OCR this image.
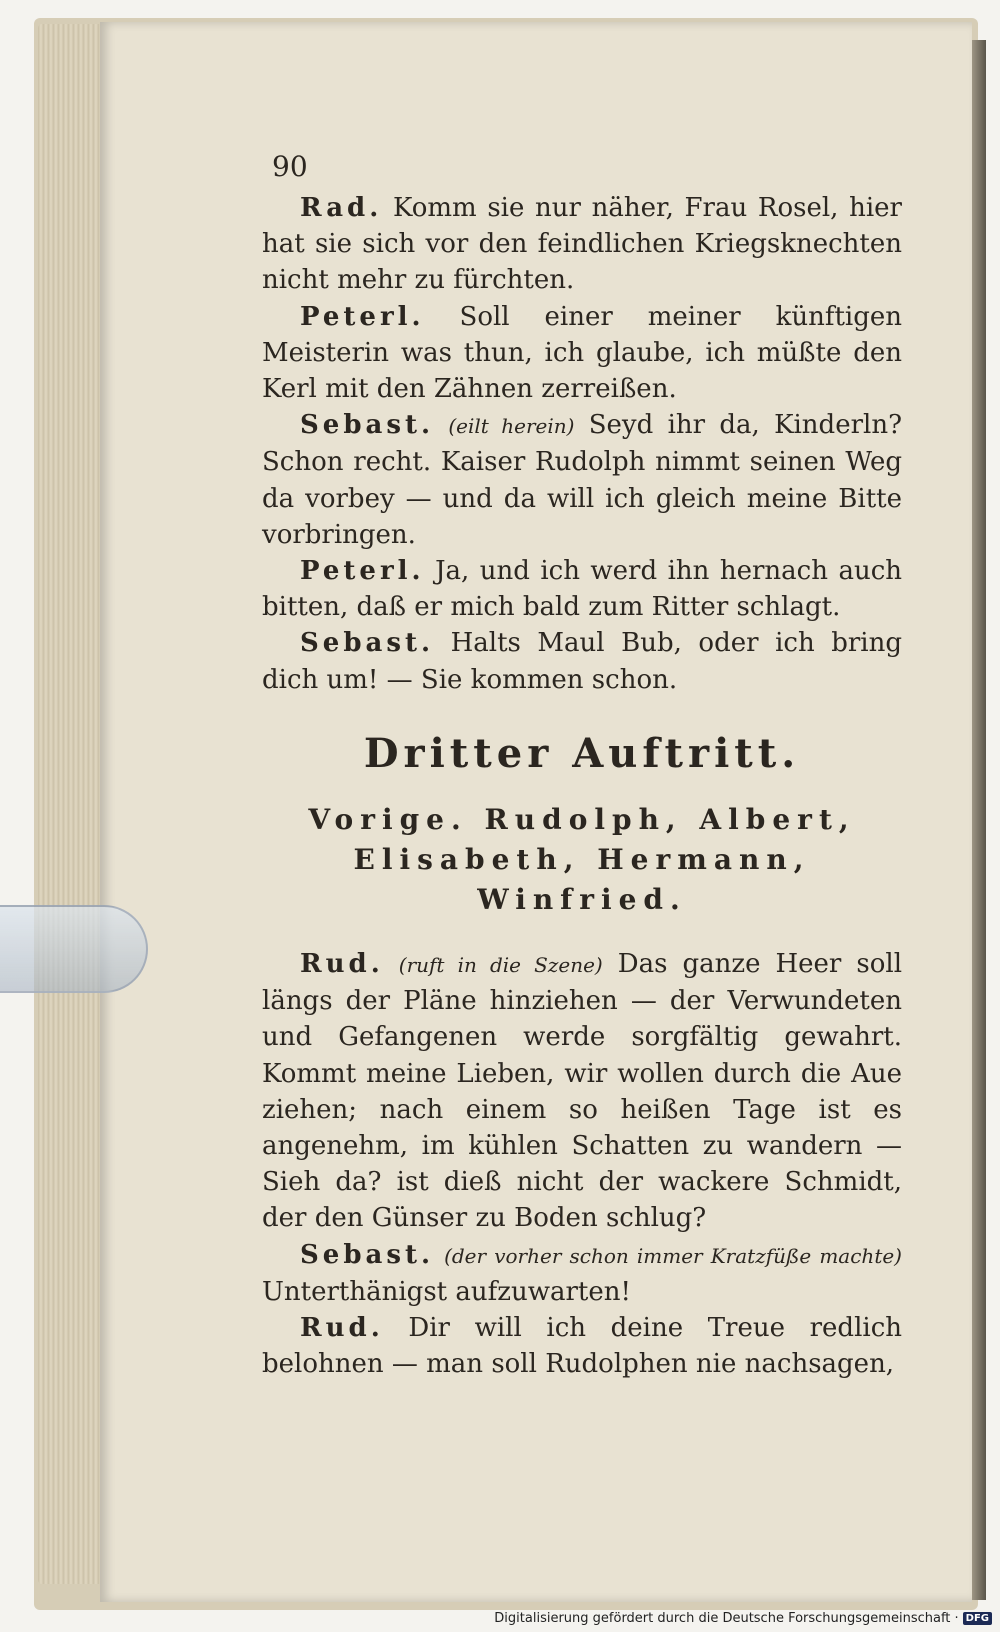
90

Rad. Komm sie nur näher, Frau Rosel, hier hat sie sich vor den feindlichen Kriegsknechten nicht mehr zu fürchten.

Peterl. Soll einer meiner künftigen Meisterin was thun, ich glaube, ich müßte den Kerl mit den Zähnen zerreißen.

Sebast. (eilt herein) Seyd ihr da, Kinderln? Schon recht. Kaiser Rudolph nimmt seinen Weg da vorbey — und da will ich gleich meine Bitte vorbringen.

Peterl. Ja, und ich werd ihn hernach auch bitten, daß er mich bald zum Ritter schlagt.

Sebast. Halts Maul Bub, oder ich bring dich um! — Sie kommen schon.

Dritter Auftritt.
Vorige. Rudolph, Albert, Elisabeth, Hermann, Winfried.

Rud. (ruft in die Szene) Das ganze Heer soll längs der Pläne hinziehen — der Verwundeten und Gefangenen werde sorgfältig gewahrt. Kommt meine Lieben, wir wollen durch die Aue ziehen; nach einem so heißen Tage ist es angenehm, im kühlen Schatten zu wandern — Sieh da? ist dieß nicht der wackere Schmidt, der den Günser zu Boden schlug?

Sebast. (der vorher schon immer Kratzfüße machte) Unterthänigst aufzuwarten!

Rud. Dir will ich deine Treue redlich belohnen — man soll Rudolphen nie nachsagen,

Digitalisierung gefördert durch die Deutsche Forschungsgemeinschaft · DFG
